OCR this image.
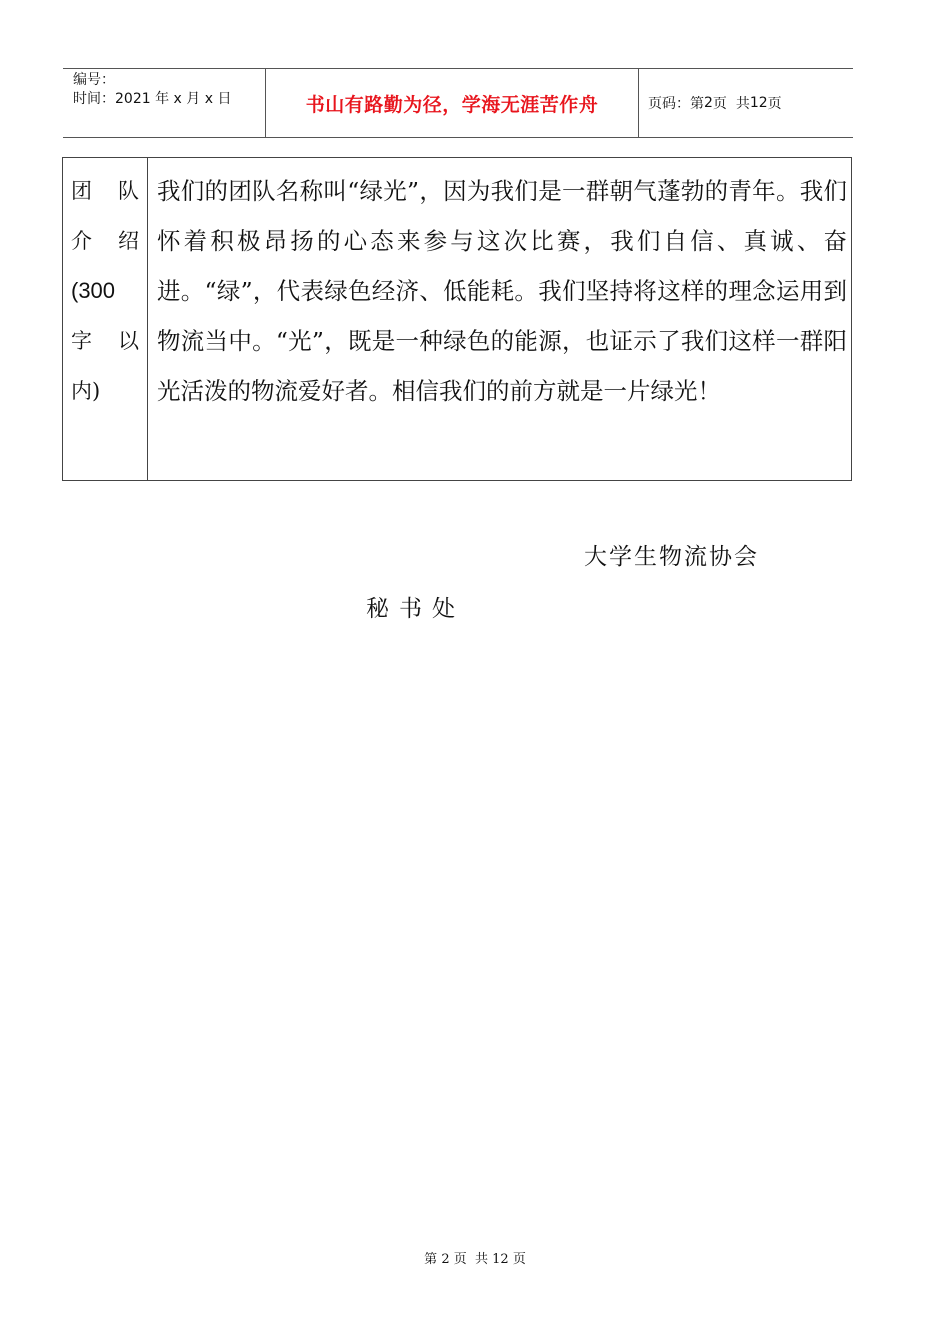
编号：
时间：2021 年 x 月 x 日	书山有路勤为径，学海无涯苦作舟	页码：第 2 页  共 12 页
团 队
介 绍
(300
字 以
内)

我们的团队名称叫“绿光”，因为我们是一群朝气蓬勃的青年。我们怀着积极昂扬的心态来参与这次比赛，我们自信、真诚、奋进。“绿”，代表绿色经济、低能耗。我们坚持将这样的理念运用到物流当中。“光”，既是一种绿色的能源，也证示了我们这样一群阳光活泼的物流爱好者。相信我们的前方就是一片绿光！

大学生物流协会
秘书处
第 2 页  共 12 页
